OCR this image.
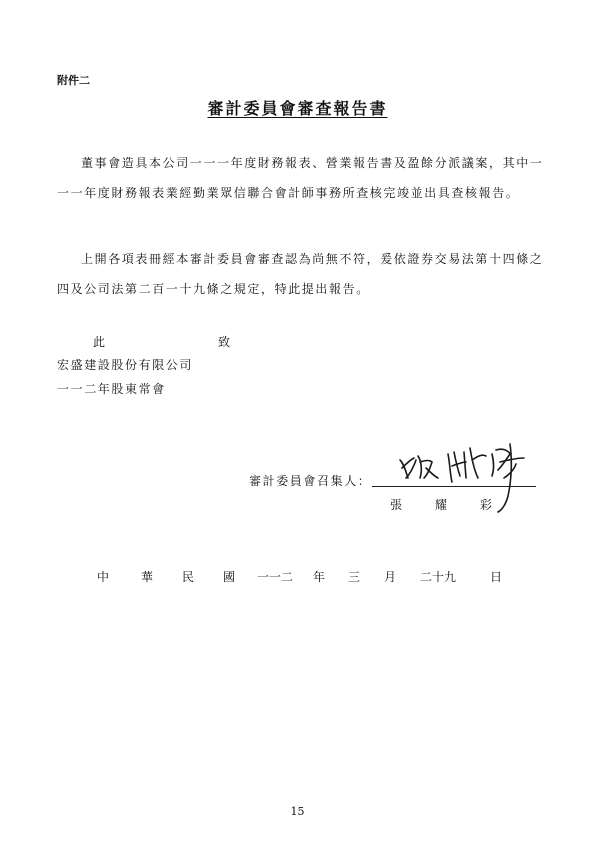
附件二
審計委員會審查報告書
董事會造具本公司一一一年度財務報表、營業報告書及盈餘分派議案，其中一一一年度財務報表業經勤業眾信聯合會計師事務所查核完竣並出具查核報告。
上開各項表冊經本審計委員會審查認為尚無不符，爰依證券交易法第十四條之四及公司法第二百一十九條之規定，特此提出報告。
此	致
宏盛建設股份有限公司
一一二年股東常會
審計委員會召集人：
張	耀	彩
中	華 民 國 一一二 年 三 月 二十九	日
15
